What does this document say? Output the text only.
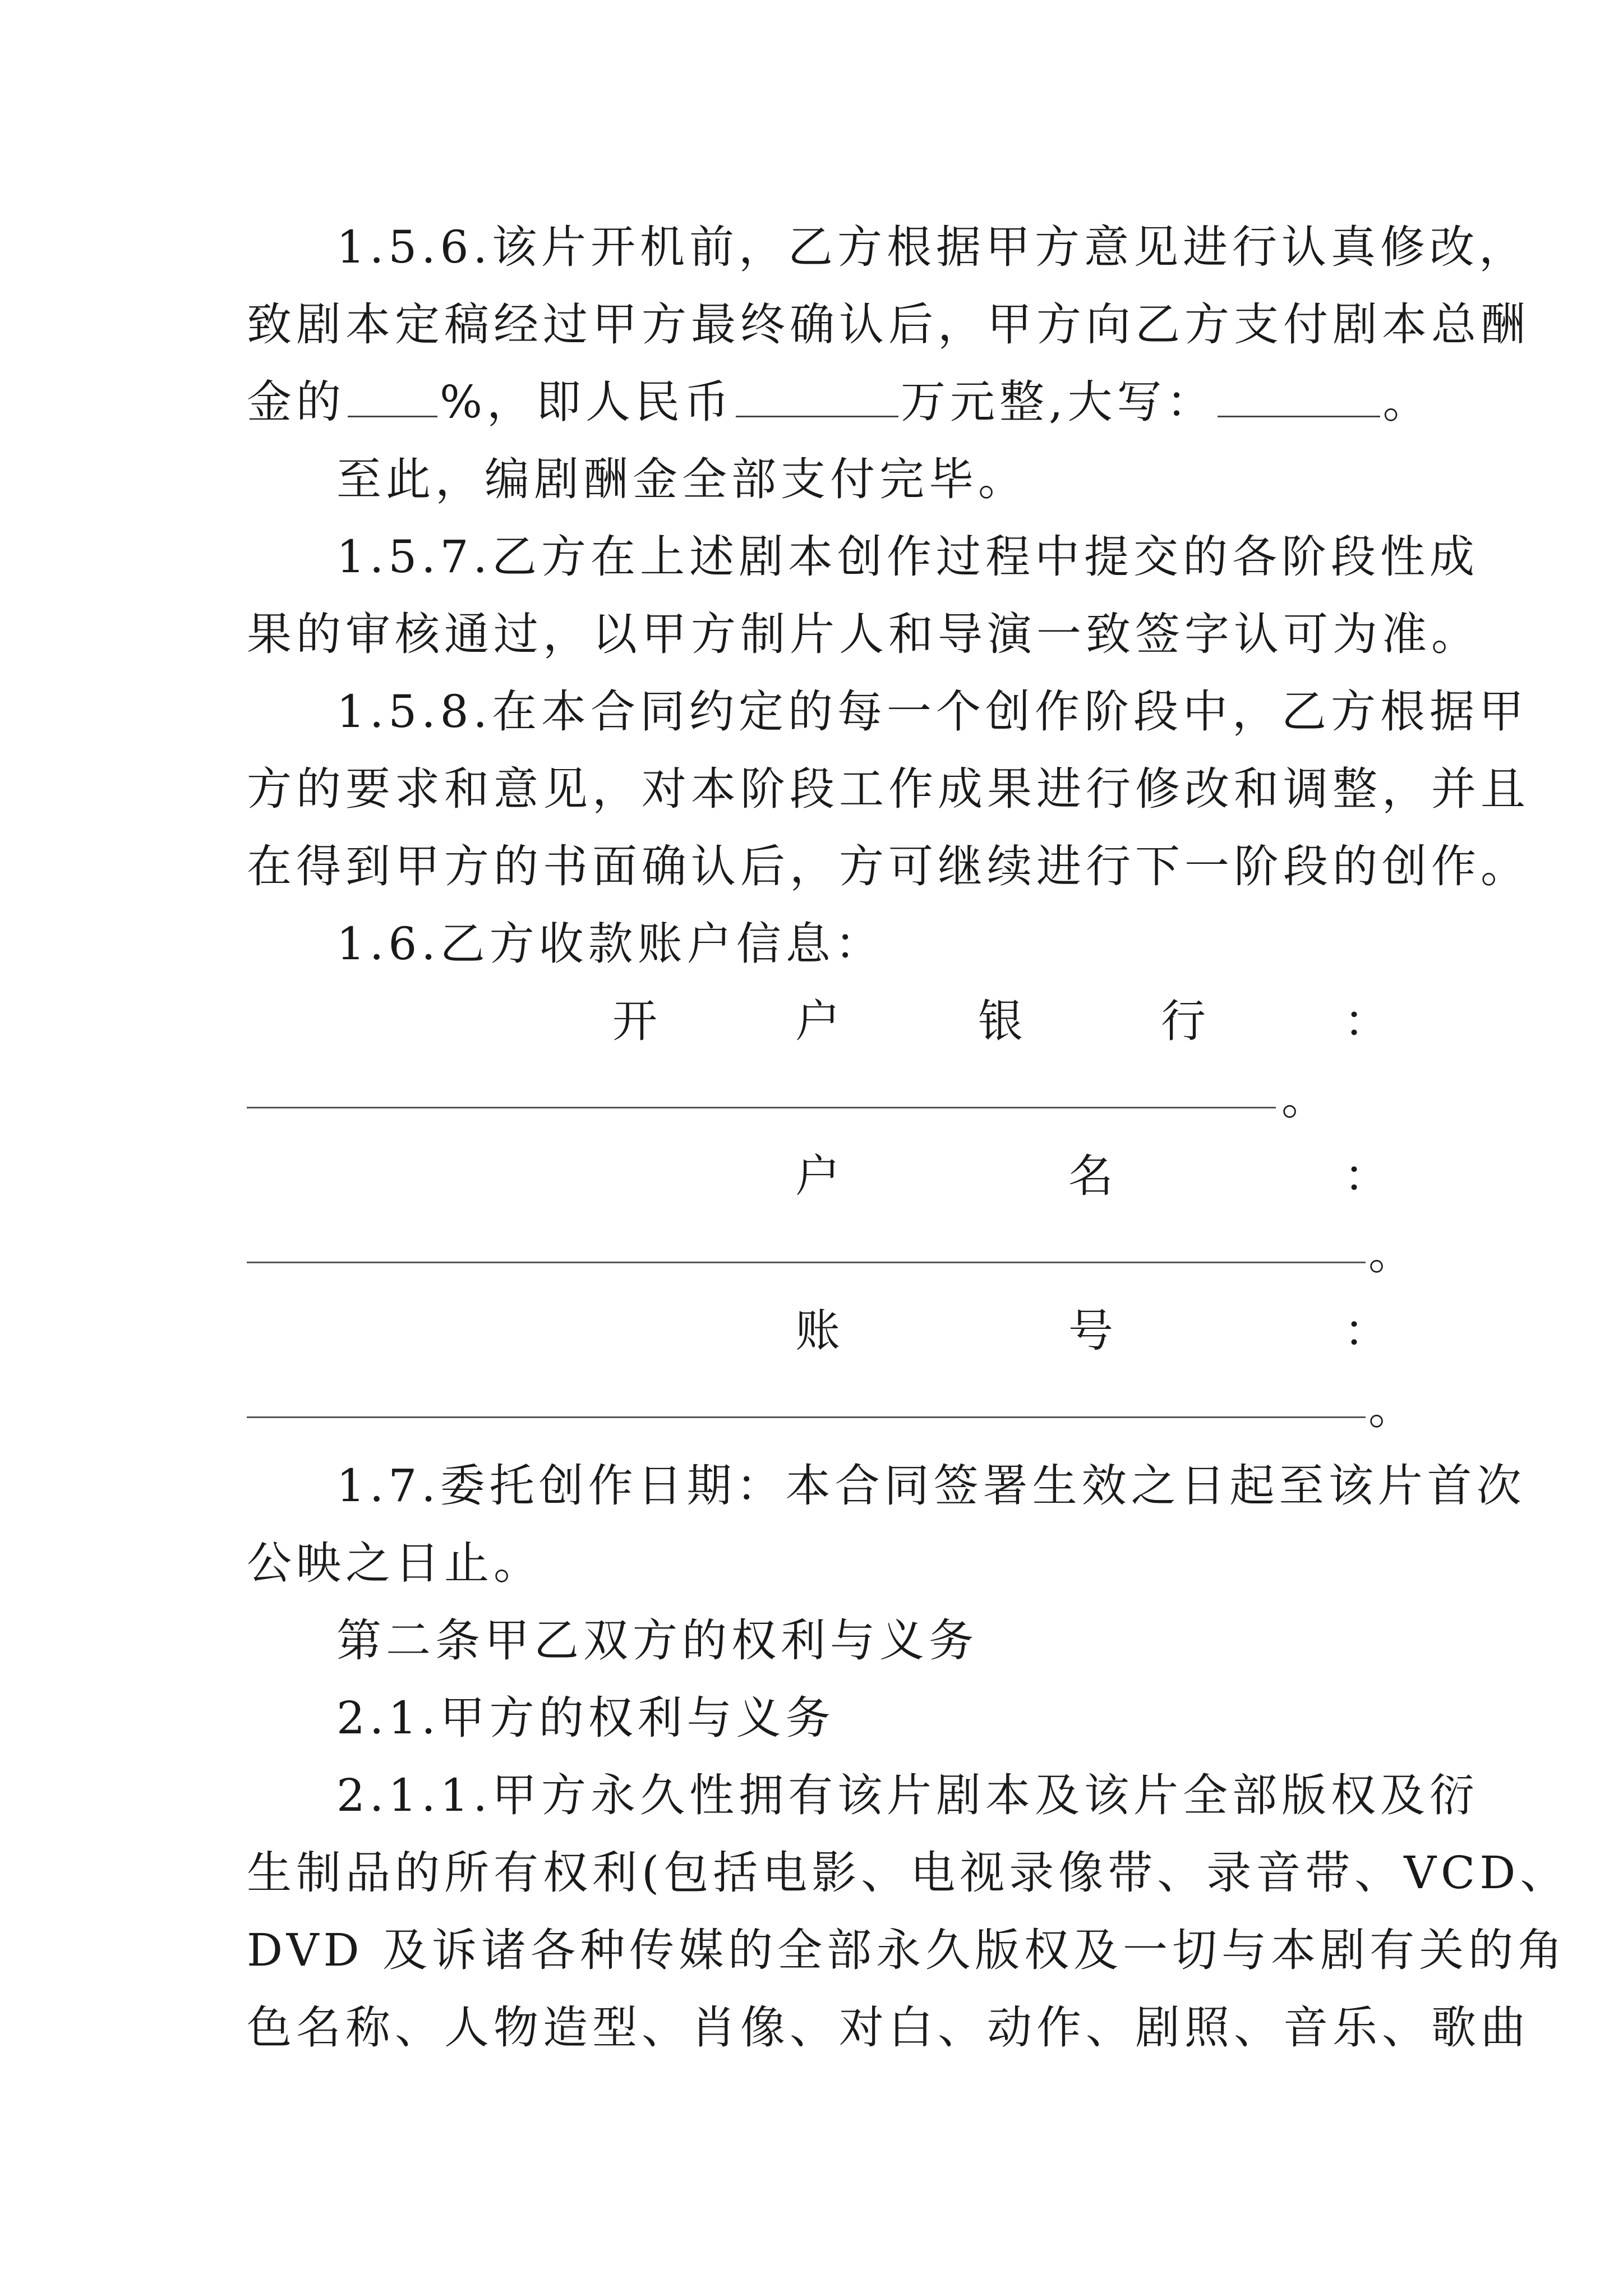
1.5.6.该片开机前，乙方根据甲方意见进行认真修改，
致剧本定稿经过甲方最终确认后，甲方向乙方支付剧本总酬
金的 %，即人民币	万元整,大写：	。
至此，编剧酬金全部支付完毕。
1.5.7.乙方在上述剧本创作过程中提交的各阶段性成
果的审核通过，以甲方制片人和导演一致签字认可为准。
1.5.8.在本合同约定的每一个创作阶段中，乙方根据甲
方的要求和意见，对本阶段工作成果进行修改和调整，并且
在得到甲方的书面确认后，方可继续进行下一阶段的创作。
1.6.乙方收款账户信息：
开	户	银	行	：
。
户	名	：
。
账	号	：
。
1.7.委托创作日期：本合同签署生效之日起至该片首次
公映之日止。
第二条甲乙双方的权利与义务
2.1.甲方的权利与义务
2.1.1.甲方永久性拥有该片剧本及该片全部版权及衍
生制品的所有权利(包括电影、电视录像带、录音带、VCD、
DVD 及诉诸各种传媒的全部永久版权及一切与本剧有关的角
色名称、人物造型、肖像、对白、动作、剧照、音乐、歌曲
